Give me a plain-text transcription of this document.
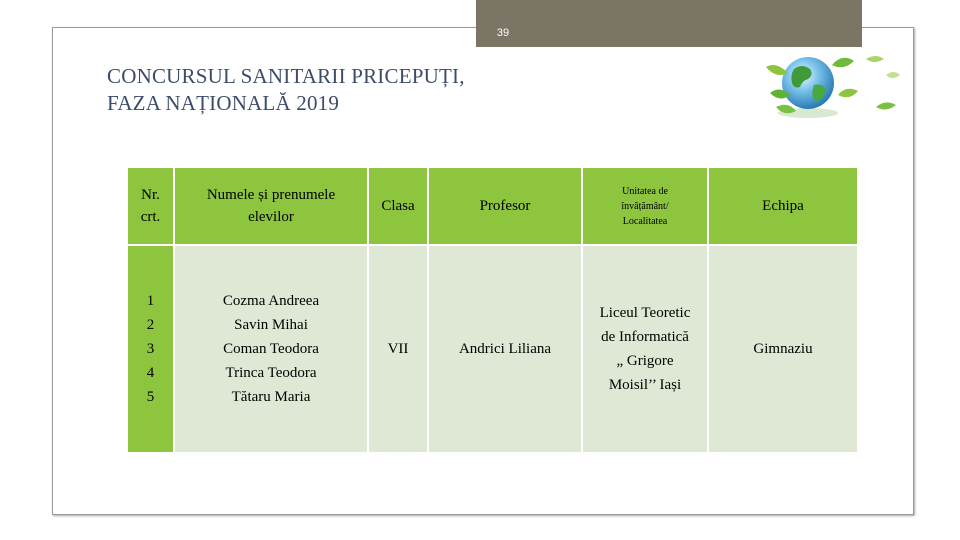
39
CONCURSUL SANITARII PRICEPUȚI,
FAZA NAȚIONALĂ 2019
Nr.
crt.	Numele și prenumele
elevilor	Clasa	Profesor	Unitatea de
învățământ/
Localitatea	Echipa

1
2
3
4
5	Cozma Andreea
Savin Mihai
Coman Teodora
Trinca Teodora
Tătaru Maria	VII	Andrici Liliana	Liceul Teoretic
de Informatică
„ Grigore
Moisil’’ Iași	Gimnaziu
